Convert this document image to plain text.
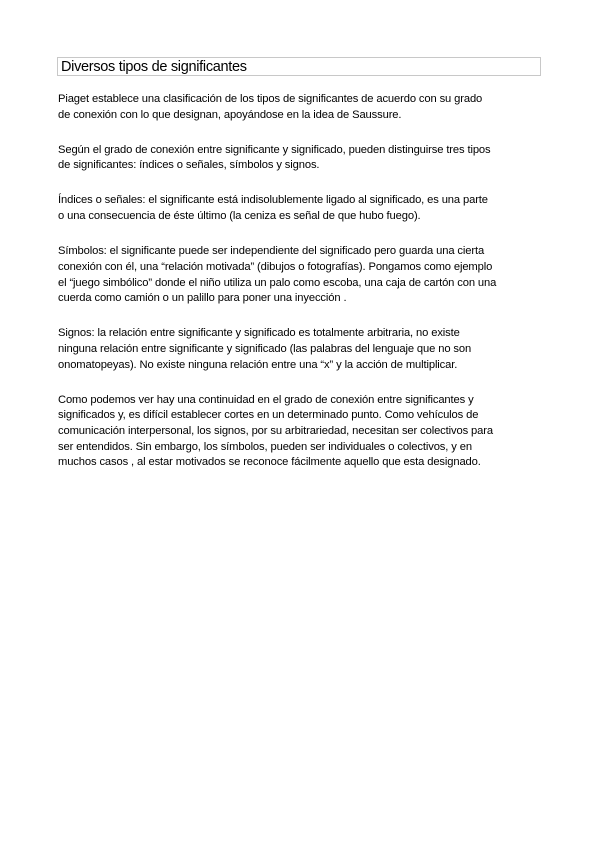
Diversos tipos de significantes

Piaget establece una clasificación de los tipos de significantes de acuerdo con su grado
de conexión con lo que designan, apoyándose en la idea de Saussure.

Según el grado de conexión entre significante y significado, pueden distinguirse tres tipos
de significantes: índices o señales, símbolos y signos.

Índices o señales: el significante está indisolublemente ligado al significado, es una parte
o una consecuencia de éste último (la ceniza es señal de que hubo fuego).

Símbolos: el significante puede ser independiente del significado pero guarda una cierta
conexión con él, una “relación motivada” (dibujos o fotografías). Pongamos como ejemplo
el “juego simbólico” donde el niño utiliza un palo como escoba, una caja de cartón con una
cuerda como camión o un palillo para poner una inyección .

Signos: la relación entre significante y significado es totalmente arbitraria, no existe
ninguna relación entre significante y significado (las palabras del lenguaje que no son
onomatopeyas). No existe ninguna relación entre una “x” y la acción de multiplicar.

Como podemos ver hay una continuidad en el grado de conexión entre significantes y
significados y, es difícil establecer cortes en un determinado punto. Como vehículos de
comunicación interpersonal, los signos, por su arbitrariedad, necesitan ser colectivos para
ser entendidos. Sin embargo, los símbolos, pueden ser individuales o colectivos, y en
muchos casos , al estar motivados se reconoce fácilmente aquello que esta designado.
